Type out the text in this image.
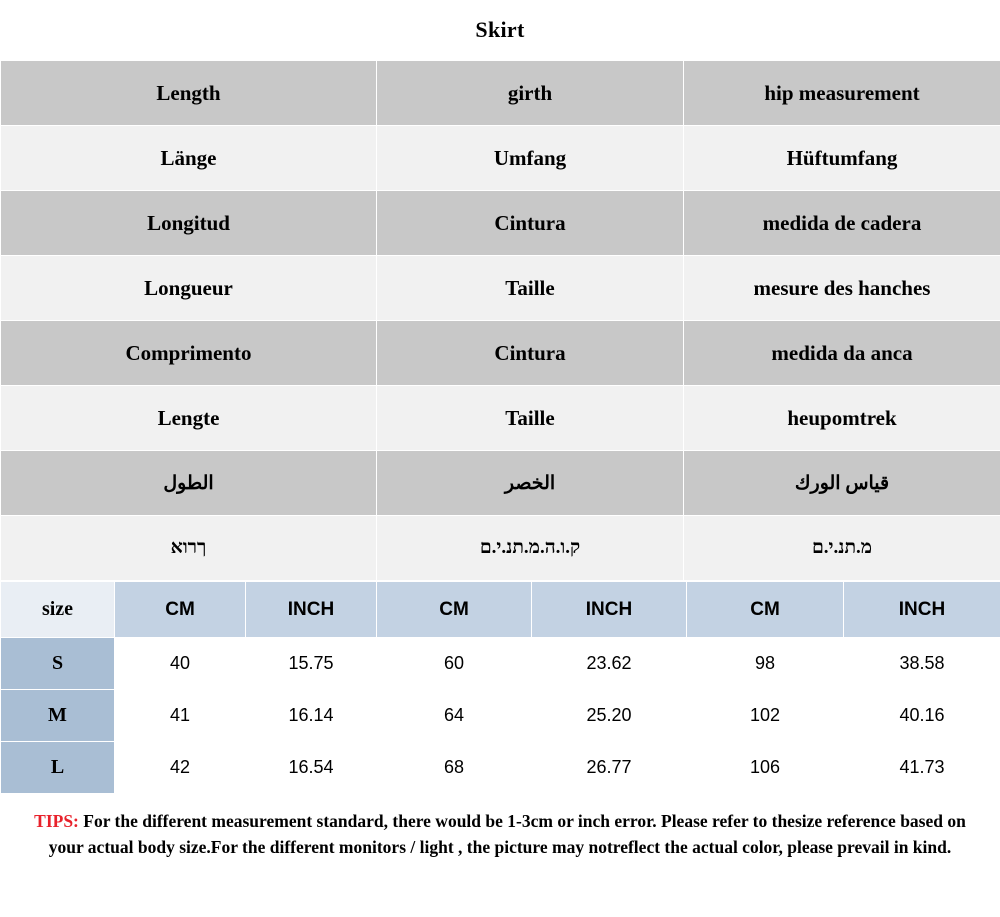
Skirt
Length	girth	hip measurement
Länge	Umfang	Hüftumfang
Longitud	Cintura	medida de cadera
Longueur	Taille	mesure des hanches
Comprimento	Cintura	medida da anca
Lengte	Taille	heupomtrek
الطول	الخصر	قياس الورك
ךרוא	ק.ו.ה.מ.תנ.י.ם	מ.תנ.י.ם
size	CM	INCH	CM	INCH	CM	INCH
S	40	15.75	60	23.62	98	38.58
M	41	16.14	64	25.20	102	40.16
L	42	16.54	68	26.77	106	41.73
TIPS: For the different measurement standard, there would be 1-3cm or inch error. Please refer to thesize reference based on your actual body size.For the different monitors / light , the picture may notreflect the actual color, please prevail in kind.
